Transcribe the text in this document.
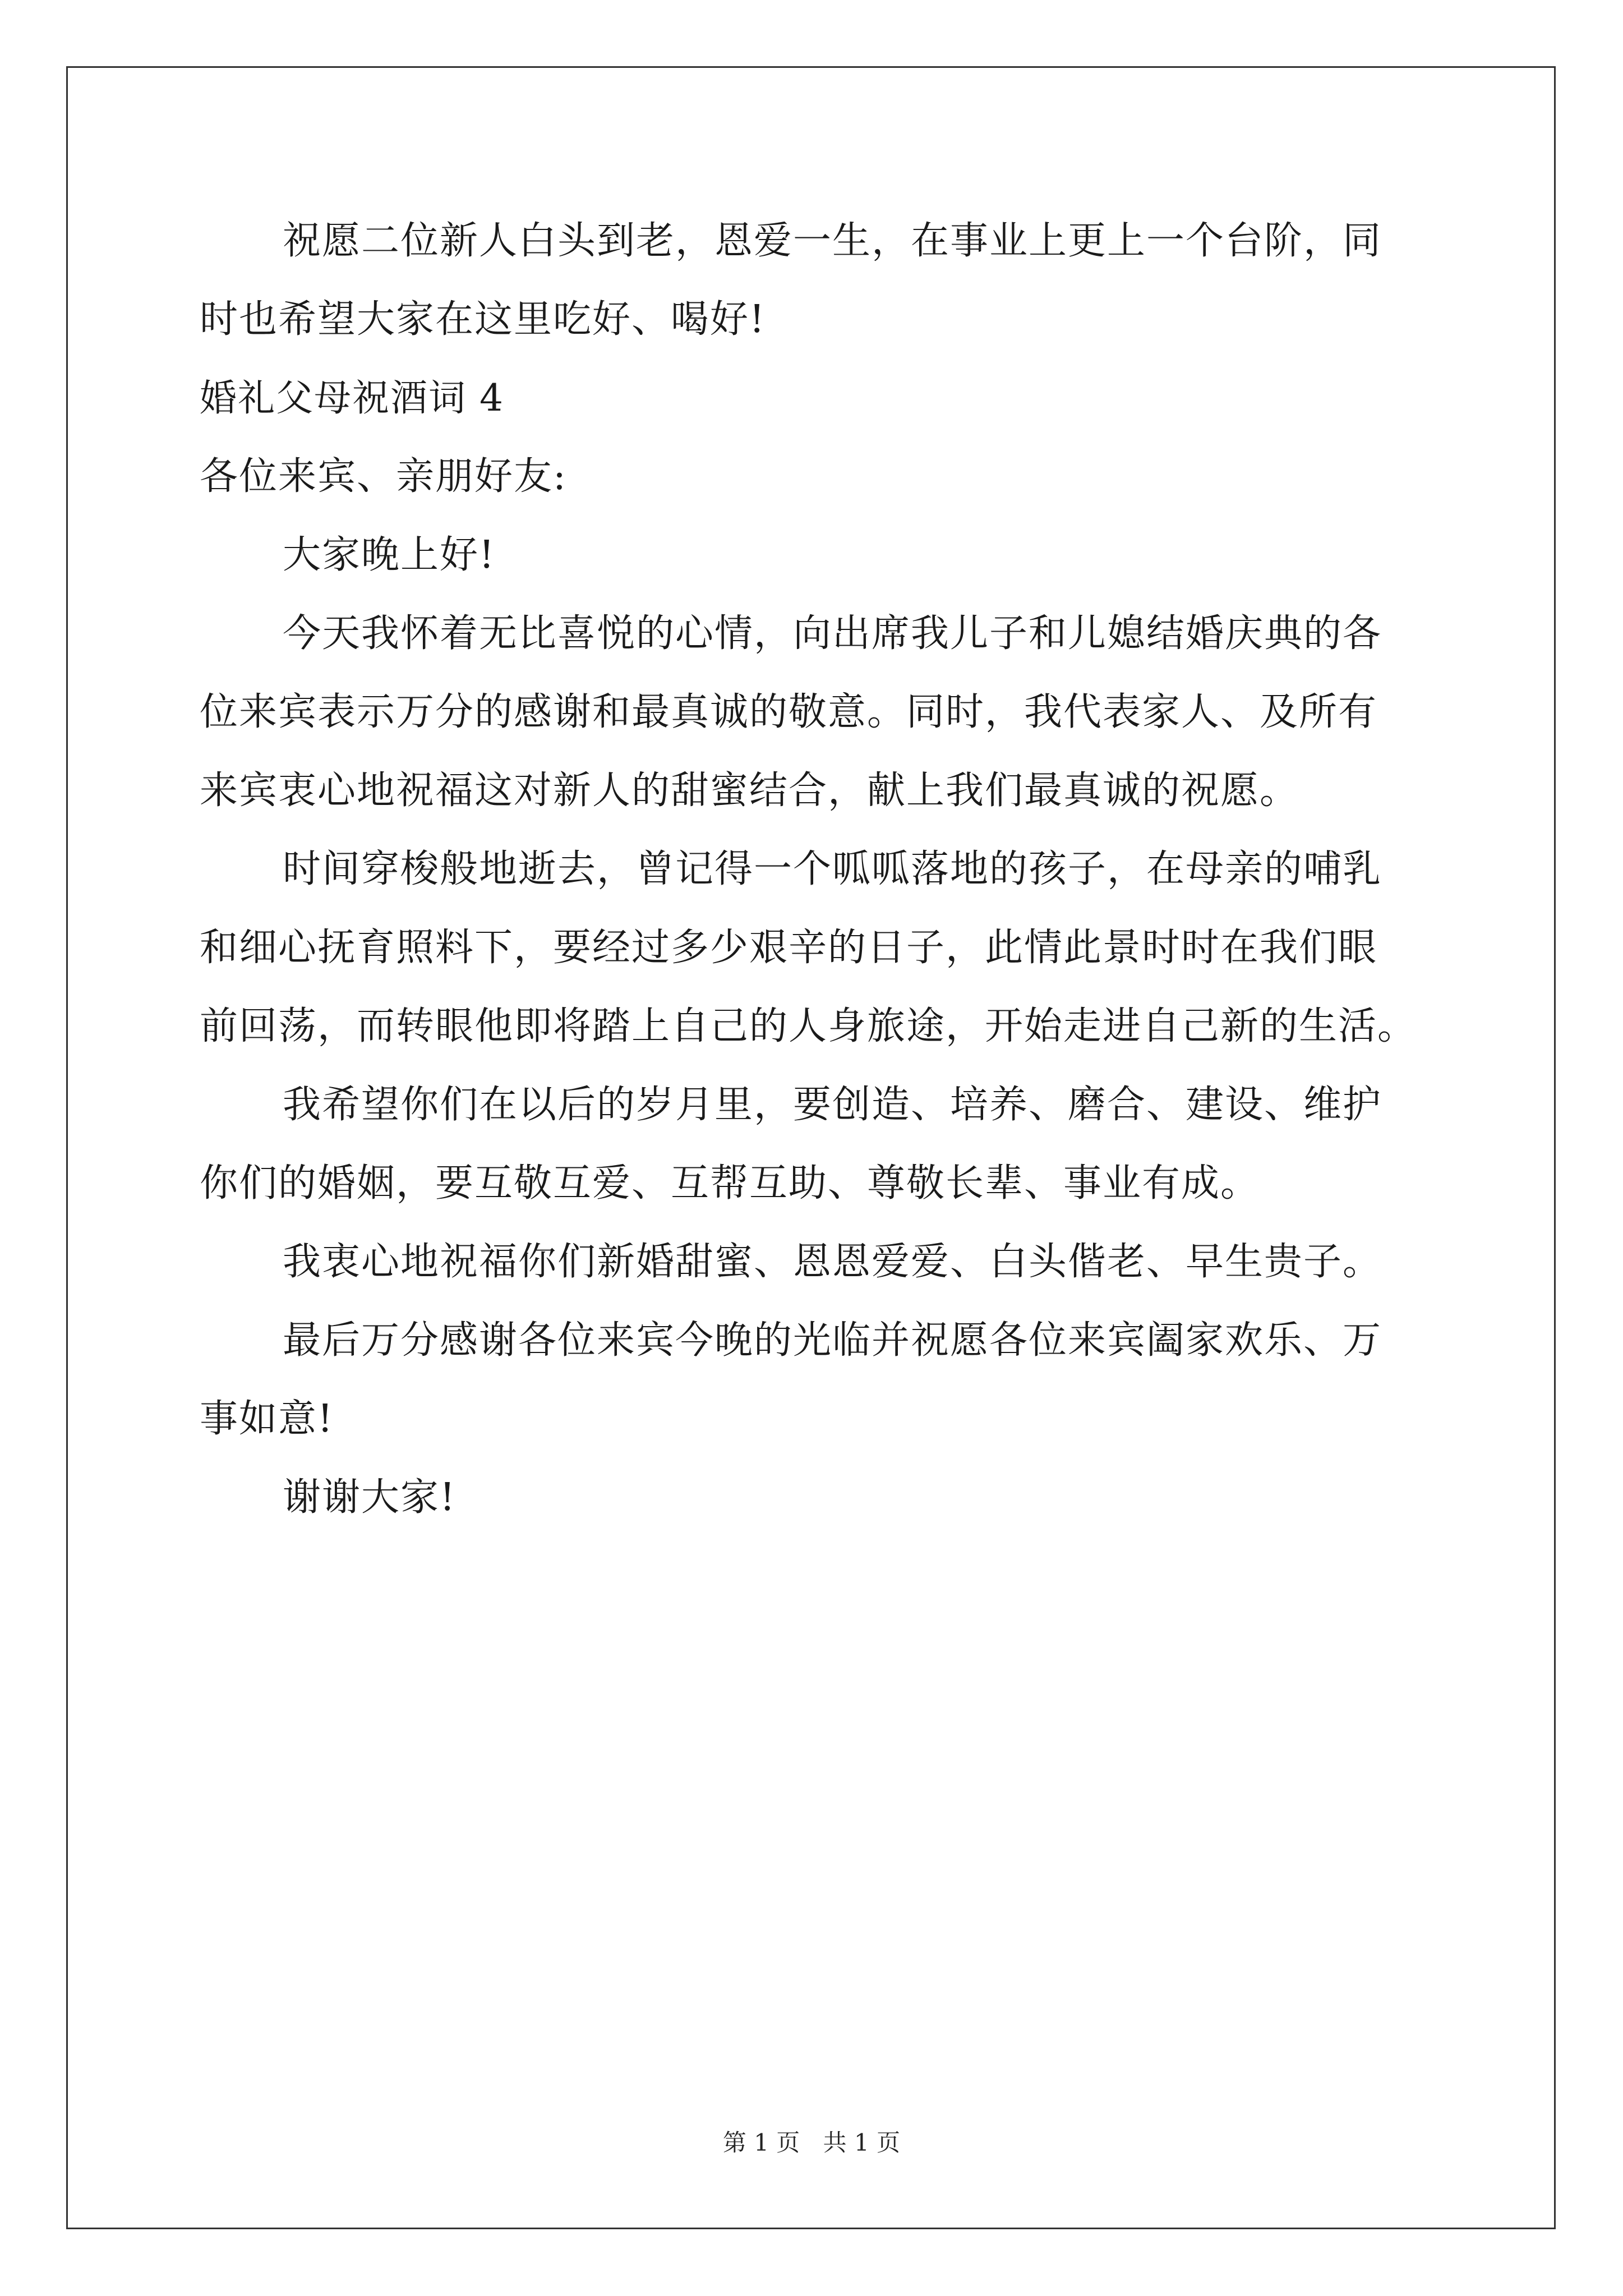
祝愿二位新人白头到老，恩爱一生，在事业上更上一个台阶，同
时也希望大家在这里吃好、喝好!
婚礼父母祝酒词 4
各位来宾、亲朋好友:
大家晚上好!
今天我怀着无比喜悦的心情，向出席我儿子和儿媳结婚庆典的各
位来宾表示万分的感谢和最真诚的敬意。同时，我代表家人、及所有
来宾衷心地祝福这对新人的甜蜜结合，献上我们最真诚的祝愿。
时间穿梭般地逝去，曾记得一个呱呱落地的孩子，在母亲的哺乳
和细心抚育照料下，要经过多少艰辛的日子，此情此景时时在我们眼
前回荡，而转眼他即将踏上自己的人身旅途，开始走进自己新的生活。
我希望你们在以后的岁月里，要创造、培养、磨合、建设、维护
你们的婚姻，要互敬互爱、互帮互助、尊敬长辈、事业有成。
我衷心地祝福你们新婚甜蜜、恩恩爱爱、白头偕老、早生贵子。
最后万分感谢各位来宾今晚的光临并祝愿各位来宾阖家欢乐、万
事如意!
谢谢大家!
第 1 页 共 1 页
